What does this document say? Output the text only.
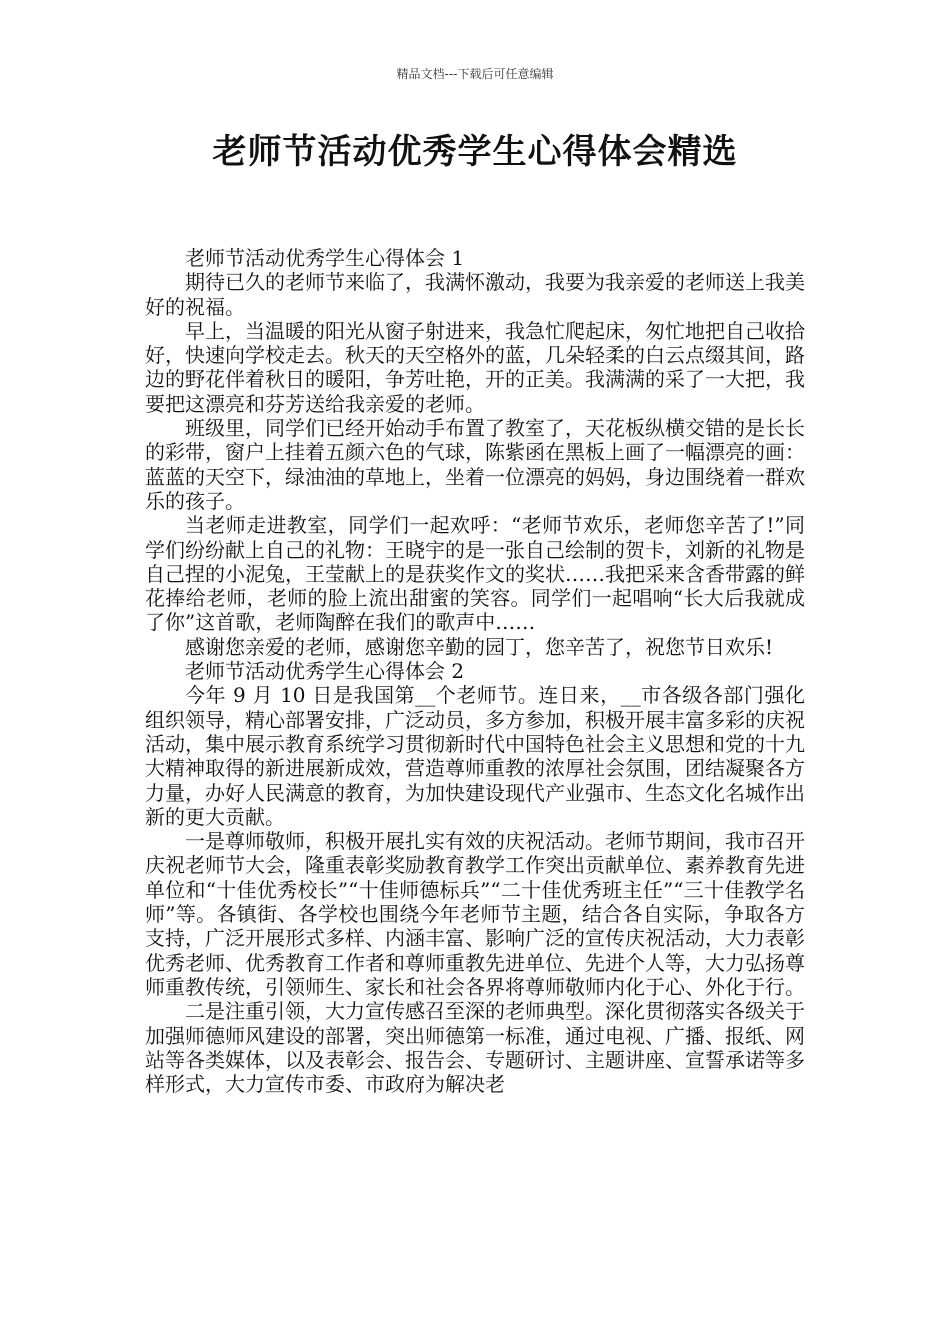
精品文档---下载后可任意编辑
老师节活动优秀学生心得体会精选

老师节活动优秀学生心得体会 1

期待已久的老师节来临了，我满怀激动，我要为我亲爱的老师送上我美好的祝福。

早上，当温暖的阳光从窗子射进来，我急忙爬起床，匆忙地把自己收拾好，快速向学校走去。秋天的天空格外的蓝，几朵轻柔的白云点缀其间，路边的野花伴着秋日的暖阳，争芳吐艳，开的正美。我满满的采了一大把，我要把这漂亮和芬芳送给我亲爱的老师。

班级里，同学们已经开始动手布置了教室了，天花板纵横交错的是长长的彩带，窗户上挂着五颜六色的气球，陈紫函在黑板上画了一幅漂亮的画：蓝蓝的天空下，绿油油的草地上，坐着一位漂亮的妈妈，身边围绕着一群欢乐的孩子。

当老师走进教室，同学们一起欢呼：“老师节欢乐，老师您辛苦了!”同学们纷纷献上自己的礼物：王晓宇的是一张自己绘制的贺卡，刘新的礼物是自己捏的小泥兔，王莹献上的是获奖作文的奖状……我把采来含香带露的鲜花捧给老师，老师的脸上流出甜蜜的笑容。同学们一起唱响“长大后我就成了你”这首歌，老师陶醉在我们的歌声中……

感谢您亲爱的老师，感谢您辛勤的园丁，您辛苦了，祝您节日欢乐!

老师节活动优秀学生心得体会 2

今年 9 月 10 日是我国第__个老师节。连日来，__市各级各部门强化组织领导，精心部署安排，广泛动员，多方参加，积极开展丰富多彩的庆祝活动，集中展示教育系统学习贯彻新时代中国特色社会主义思想和党的十九大精神取得的新进展新成效，营造尊师重教的浓厚社会氛围，团结凝聚各方力量，办好人民满意的教育，为加快建设现代产业强市、生态文化名城作出新的更大贡献。

一是尊师敬师，积极开展扎实有效的庆祝活动。老师节期间，我市召开庆祝老师节大会，隆重表彰奖励教育教学工作突出贡献单位、素养教育先进单位和“十佳优秀校长”“十佳师德标兵”“二十佳优秀班主任”“三十佳教学名师”等。各镇街、各学校也围绕今年老师节主题，结合各自实际，争取各方支持，广泛开展形式多样、内涵丰富、影响广泛的宣传庆祝活动，大力表彰优秀老师、优秀教育工作者和尊师重教先进单位、先进个人等，大力弘扬尊师重教传统，引领师生、家长和社会各界将尊师敬师内化于心、外化于行。

二是注重引领，大力宣传感召至深的老师典型。深化贯彻落实各级关于加强师德师风建设的部署，突出师德第一标准，通过电视、广播、报纸、网站等各类媒体，以及表彰会、报告会、专题研讨、主题讲座、宣誓承诺等多样形式，大力宣传市委、市政府为解决老
